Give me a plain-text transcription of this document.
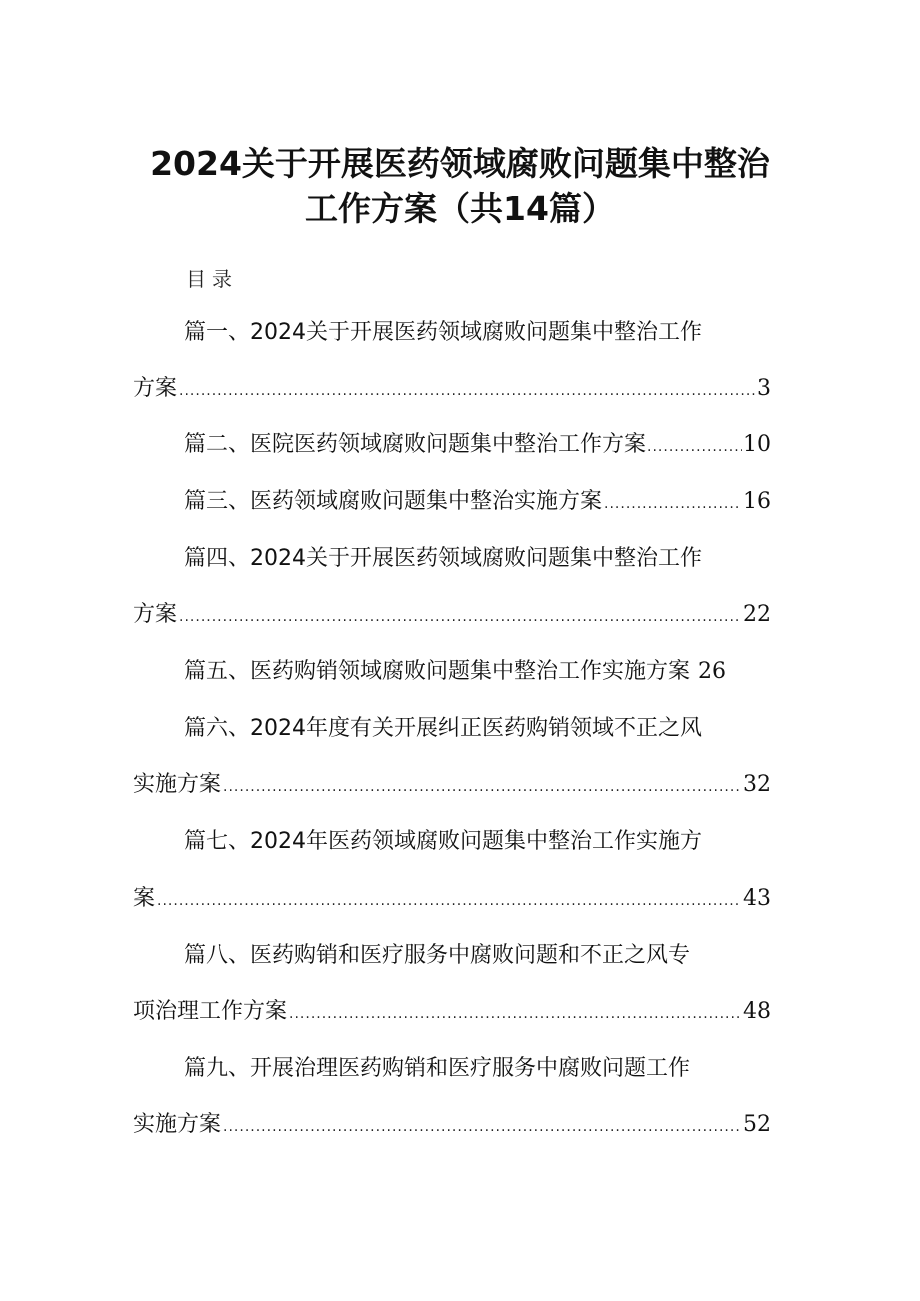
2024关于开展医药领域腐败问题集中整治
工作方案（共14篇）
目录
篇一、2024关于开展医药领域腐败问题集中整治工作
方案 .....	3
篇二、医院医药领域腐败问题集中整治工作方案 .....	10
篇三、医药领域腐败问题集中整治实施方案 .....	16
篇四、2024关于开展医药领域腐败问题集中整治工作
方案 .....	22
篇五、医药购销领域腐败问题集中整治工作实施方案 26
篇六、2024年度有关开展纠正医药购销领域不正之风
实施方案 .....	32
篇七、2024年医药领域腐败问题集中整治工作实施方
案 .....	43
篇八、医药购销和医疗服务中腐败问题和不正之风专
项治理工作方案 .....	48
篇九、开展治理医药购销和医疗服务中腐败问题工作
实施方案 .....	52
